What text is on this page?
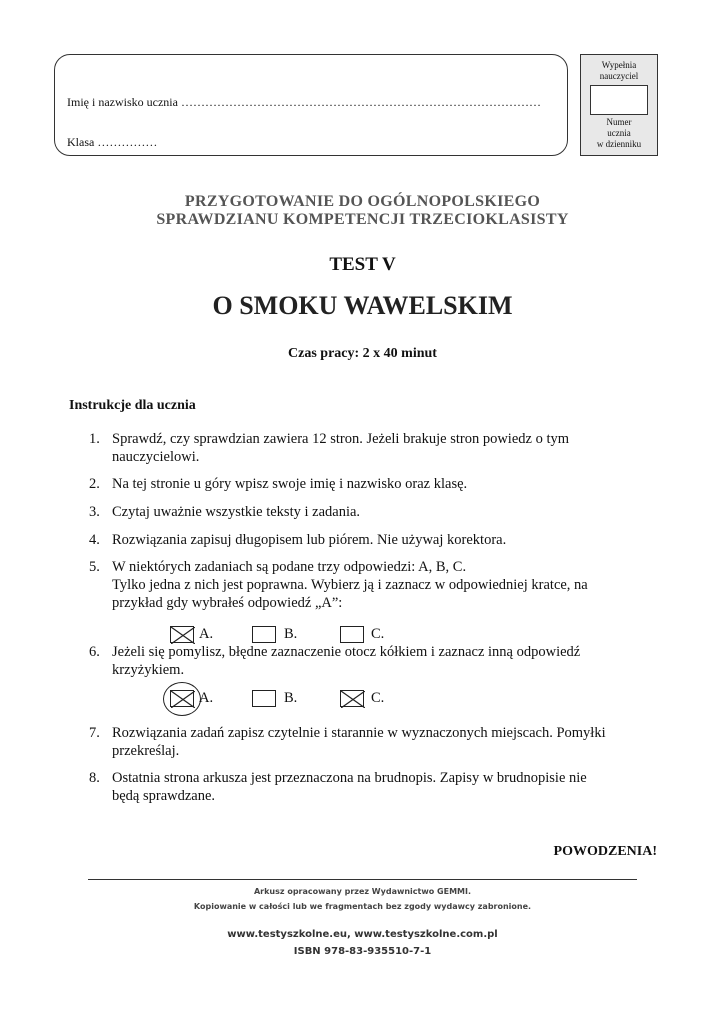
Imię i nazwisko ucznia ………………………………………………………………………………
Klasa ……………
Wypełnia
nauczyciel
Numer
ucznia
w dzienniku
PRZYGOTOWANIE DO OGÓLNOPOLSKIEGO
SPRAWDZIANU KOMPETENCJI TRZECIOKLASISTY
TEST V
O SMOKU WAWELSKIM
Czas pracy: 2 x 40 minut
Instrukcje dla ucznia
1. Sprawdź, czy sprawdzian zawiera 12 stron. Jeżeli brakuje stron powiedz o tym nauczycielowi.
2. Na tej stronie u góry wpisz swoje imię i nazwisko oraz klasę.
3. Czytaj uważnie wszystkie teksty i zadania.
4. Rozwiązania zapisuj długopisem lub piórem. Nie używaj korektora.
5. W niektórych zadaniach są podane trzy odpowiedzi: A, B, C.
Tylko jedna z nich jest poprawna. Wybierz ją i zaznacz w odpowiedniej kratce, na przykład gdy wybrałeś odpowiedź „A”:
A.	B.	C.
6. Jeżeli się pomylisz, błędne zaznaczenie otocz kółkiem i zaznacz inną odpowiedź krzyżykiem.
A.	B.	C.
7. Rozwiązania zadań zapisz czytelnie i starannie w wyznaczonych miejscach. Pomyłki przekreślaj.
8. Ostatnia strona arkusza jest przeznaczona na brudnopis. Zapisy w brudnopisie nie będą sprawdzane.
POWODZENIA!
Arkusz opracowany przez Wydawnictwo GEMMI.
Kopiowanie w całości lub we fragmentach bez zgody wydawcy zabronione.
www.testyszkolne.eu, www.testyszkolne.com.pl
ISBN 978-83-935510-7-1
